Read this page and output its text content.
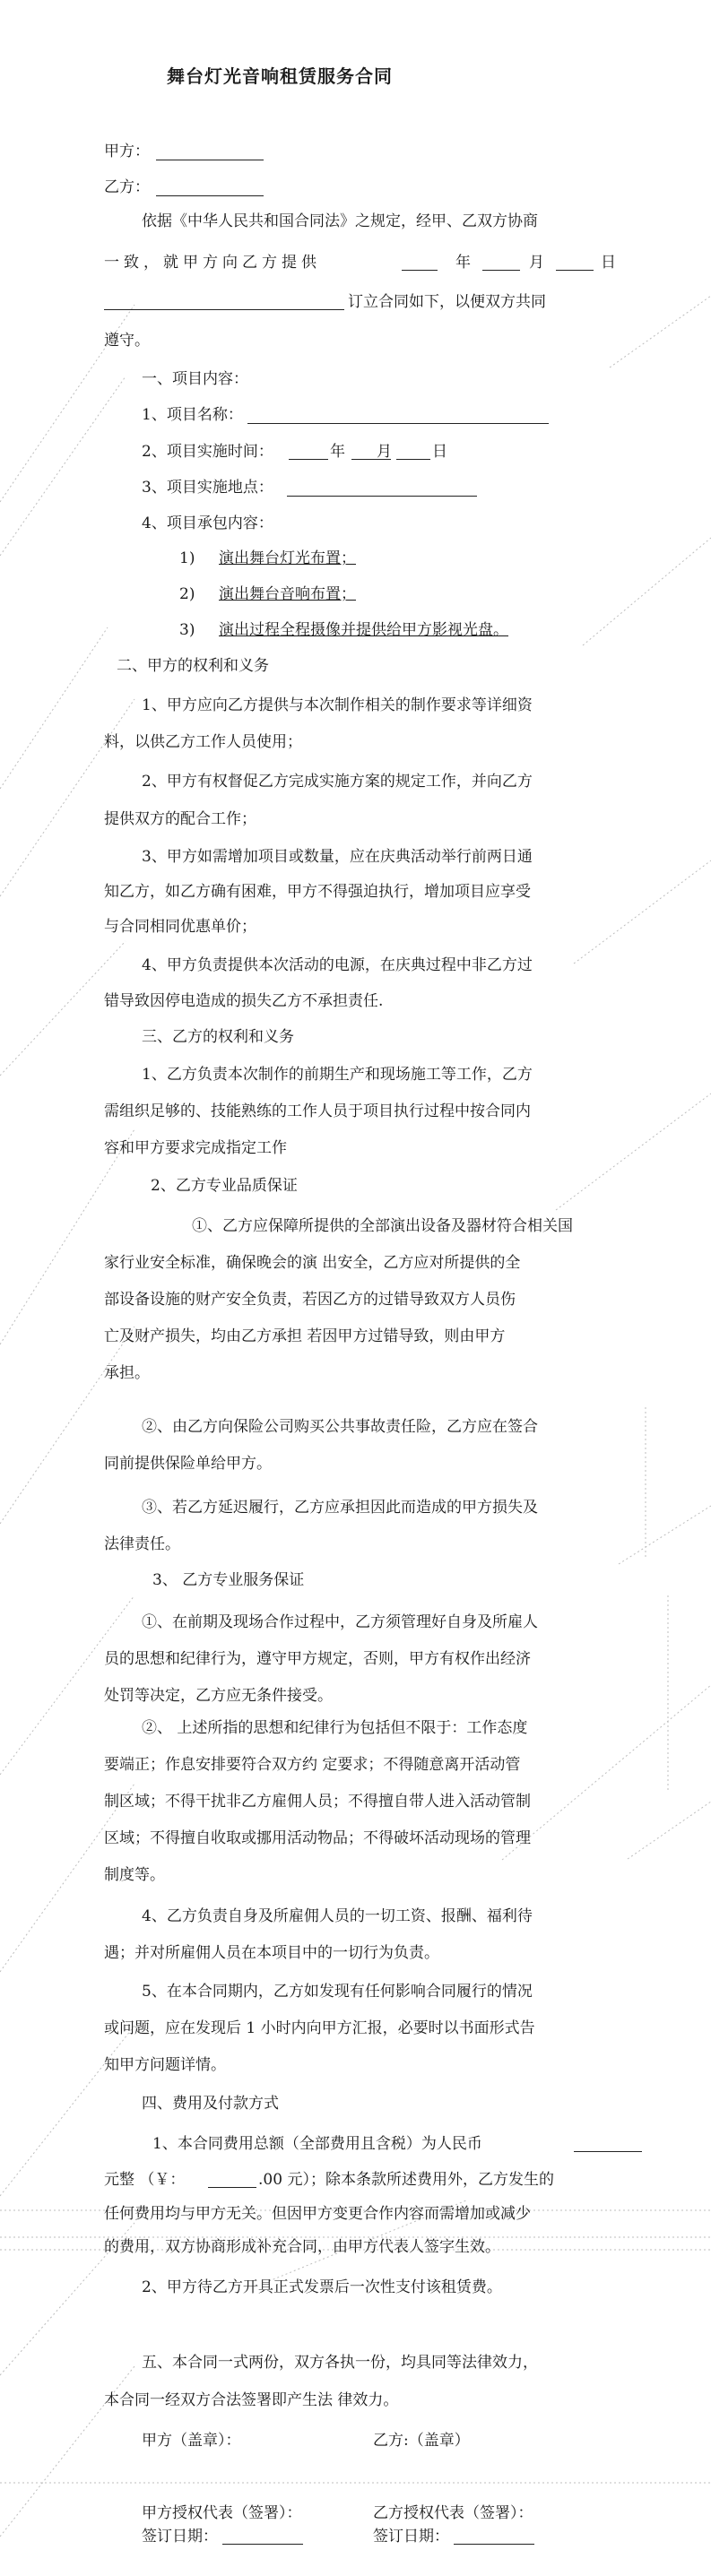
舞台灯光音响租赁服务合同
甲方：
乙方：
依据《中华人民共和国合同法》之规定，经甲、乙双方协商
一致，就甲方向乙方提供	年	月	日
订立合同如下，以便双方共同
遵守。
一、项目内容：
1、项目名称：
2、项目实施时间：	年 月	日
3、项目实施地点：
4、项目承包内容：
1) 演出舞台灯光布置；
2) 演出舞台音响布置；
3) 演出过程全程摄像并提供给甲方影视光盘。
二、甲方的权利和义务
1、甲方应向乙方提供与本次制作相关的制作要求等详细资
料，以供乙方工作人员使用；
2、甲方有权督促乙方完成实施方案的规定工作，并向乙方
提供双方的配合工作；
3、甲方如需增加项目或数量，应在庆典活动举行前两日通
知乙方，如乙方确有困难，甲方不得强迫执行，增加项目应享受
与合同相同优惠单价；
4、甲方负责提供本次活动的电源，在庆典过程中非乙方过
错导致因停电造成的损失乙方不承担责任.
三、乙方的权利和义务
1、乙方负责本次制作的前期生产和现场施工等工作，乙方
需组织足够的、技能熟练的工作人员于项目执行过程中按合同内
容和甲方要求完成指定工作
2、乙方专业品质保证
①、乙方应保障所提供的全部演出设备及器材符合相关国
家行业安全标准，确保晚会的演 出安全，乙方应对所提供的全
部设备设施的财产安全负责，若因乙方的过错导致双方人员伤
亡及财产损失，均由乙方承担 若因甲方过错导致，则由甲方
承担。
②、由乙方向保险公司购买公共事故责任险，乙方应在签合
同前提供保险单给甲方。
③、若乙方延迟履行，乙方应承担因此而造成的甲方损失及
法律责任。
3、 乙方专业服务保证
①、在前期及现场合作过程中，乙方须管理好自身及所雇人
员的思想和纪律行为，遵守甲方规定，否则，甲方有权作出经济
处罚等决定，乙方应无条件接受。
②、 上述所指的思想和纪律行为包括但不限于：工作态度
要端正；作息安排要符合双方约 定要求；不得随意离开活动管
制区域；不得干扰非乙方雇佣人员；不得擅自带人进入活动管制
区域；不得擅自收取或挪用活动物品；不得破坏活动现场的管理
制度等。
4、乙方负责自身及所雇佣人员的一切工资、报酬、福利待
遇；并对所雇佣人员在本项目中的一切行为负责。
5、在本合同期内，乙方如发现有任何影响合同履行的情况
或问题，应在发现后 1 小时内向甲方汇报，必要时以书面形式告
知甲方问题详情。
四、费用及付款方式
1、本合同费用总额（全部费用且含税）为人民币
元整 （￥：	.00 元）；除本条款所述费用外，乙方发生的
任何费用均与甲方无关。但因甲方变更合作内容而需增加或减少
的费用，双方协商形成补充合同，由甲方代表人签字生效。
2、甲方待乙方开具正式发票后一次性支付该租赁费。
五、本合同一式两份，双方各执一份，均具同等法律效力，
本合同一经双方合法签署即产生法 律效力。
甲方（盖章）：	乙方:（盖章）
甲方授权代表（签署）：	乙方授权代表（签署）：
签订日期：	签订日期：
